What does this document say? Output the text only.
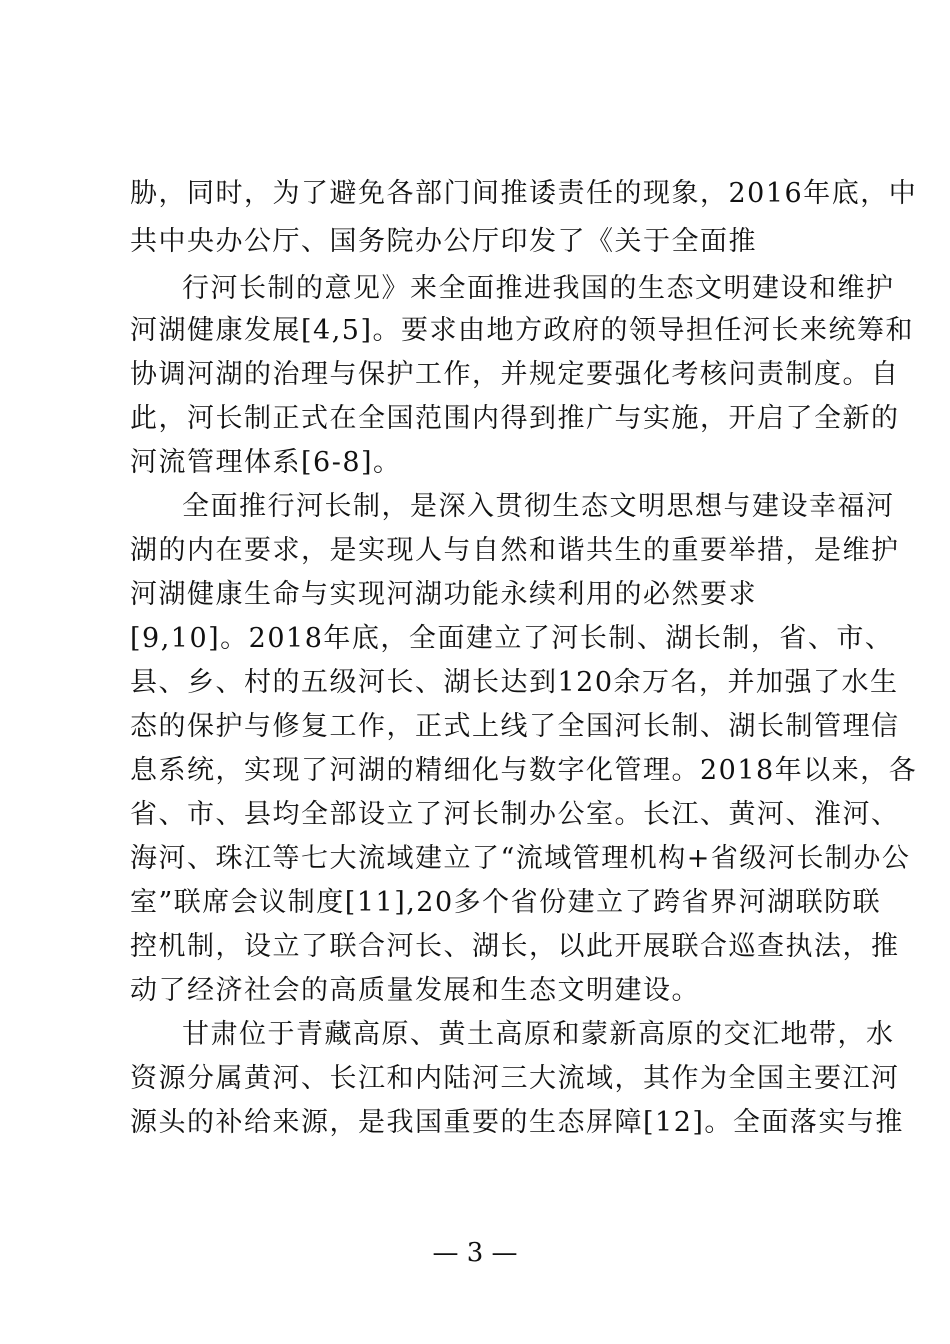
胁，同时，为了避免各部门间推诿责任的现象，2016年底，中
共中央办公厅、国务院办公厅印发了《关于全面推
行河长制的意见》来全面推进我国的生态文明建设和维护
河湖健康发展[4,5]。要求由地方政府的领导担任河长来统筹和
协调河湖的治理与保护工作，并规定要强化考核问责制度。自
此，河长制正式在全国范围内得到推广与实施，开启了全新的
河流管理体系[6-8]。
全面推行河长制，是深入贯彻生态文明思想与建设幸福河
湖的内在要求，是实现人与自然和谐共生的重要举措，是维护
河湖健康生命与实现河湖功能永续利用的必然要求
[9,10]。2018年底，全面建立了河长制、湖长制，省、市、
县、乡、村的五级河长、湖长达到120余万名，并加强了水生
态的保护与修复工作，正式上线了全国河长制、湖长制管理信
息系统，实现了河湖的精细化与数字化管理。2018年以来，各
省、市、县均全部设立了河长制办公室。长江、黄河、淮河、
海河、珠江等七大流域建立了“流域管理机构+省级河长制办公
室”联席会议制度[11],20多个省份建立了跨省界河湖联防联
控机制，设立了联合河长、湖长，以此开展联合巡查执法，推
动了经济社会的高质量发展和生态文明建设。
甘肃位于青藏高原、黄土高原和蒙新高原的交汇地带，水
资源分属黄河、长江和内陆河三大流域，其作为全国主要江河
源头的补给来源，是我国重要的生态屏障[12]。全面落实与推
— 3 —
